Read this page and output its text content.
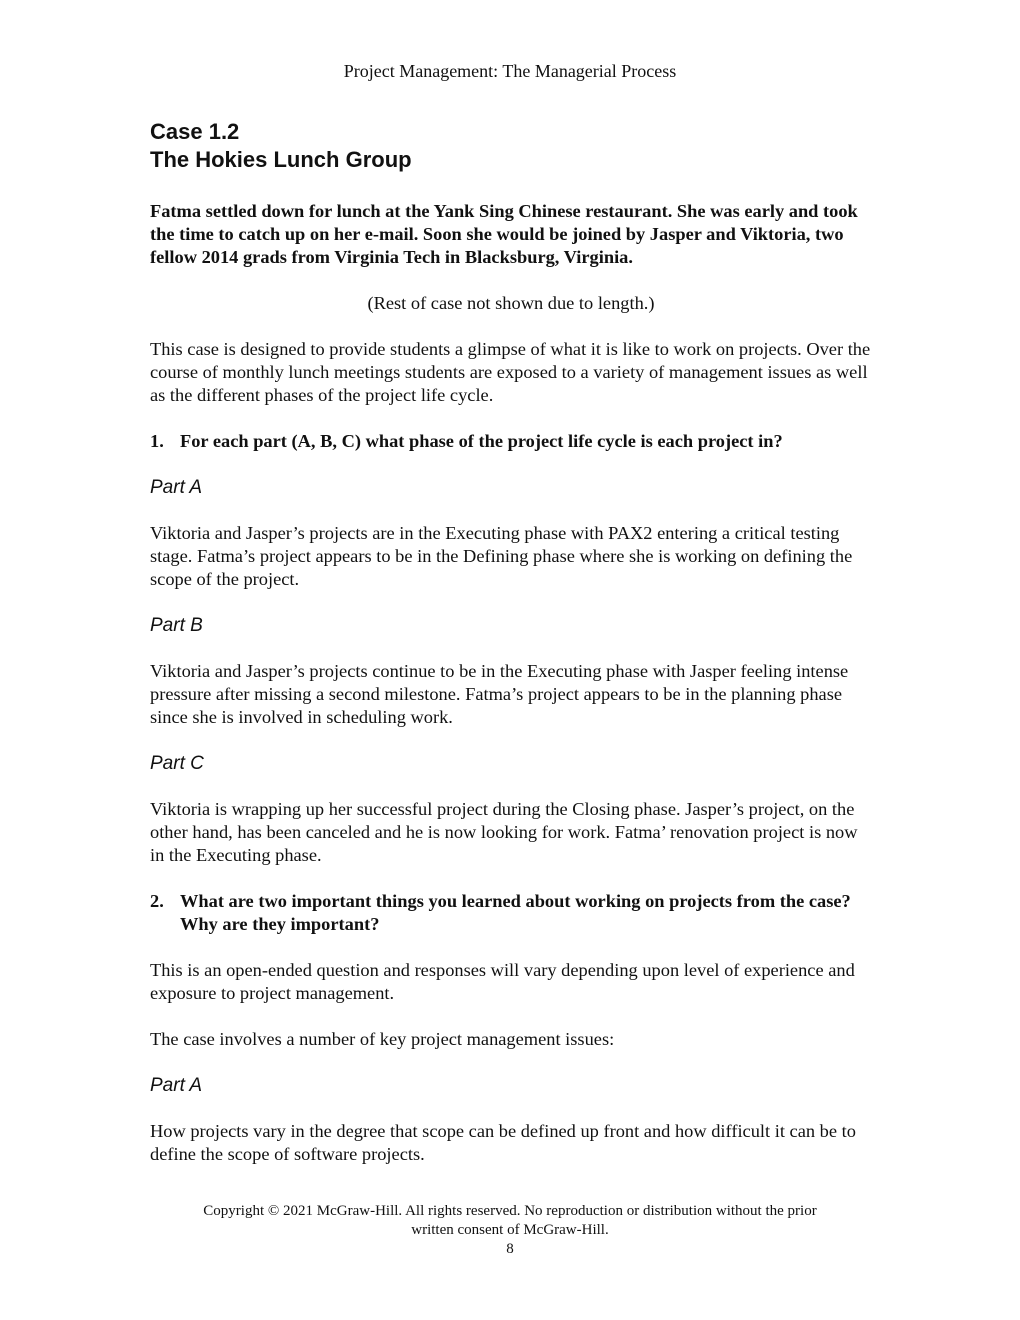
Project Management: The Managerial Process
Case 1.2
The Hokies Lunch Group
Fatma settled down for lunch at the Yank Sing Chinese restaurant. She was early and took the time to catch up on her e-mail. Soon she would be joined by Jasper and Viktoria, two fellow 2014 grads from Virginia Tech in Blacksburg, Virginia.
(Rest of case not shown due to length.)

This case is designed to provide students a glimpse of what it is like to work on projects. Over the course of monthly lunch meetings students are exposed to a variety of management issues as well as the different phases of the project life cycle.

1. For each part (A, B, C) what phase of the project life cycle is each project in?
Part A

Viktoria and Jasper’s projects are in the Executing phase with PAX2 entering a critical testing stage. Fatma’s project appears to be in the Defining phase where she is working on defining the scope of the project.

Part B

Viktoria and Jasper’s projects continue to be in the Executing phase with Jasper feeling intense pressure after missing a second milestone. Fatma’s project appears to be in the planning phase since she is involved in scheduling work.

Part C

Viktoria is wrapping up her successful project during the Closing phase. Jasper’s project, on the other hand, has been canceled and he is now looking for work. Fatma’ renovation project is now in the Executing phase.

2. What are two important things you learned about working on projects from the case? Why are they important?

This is an open-ended question and responses will vary depending upon level of experience and exposure to project management.

The case involves a number of key project management issues:

Part A

How projects vary in the degree that scope can be defined up front and how difficult it can be to define the scope of software projects.

Copyright © 2021 McGraw-Hill. All rights reserved. No reproduction or distribution without the prior
written consent of McGraw-Hill.
8
